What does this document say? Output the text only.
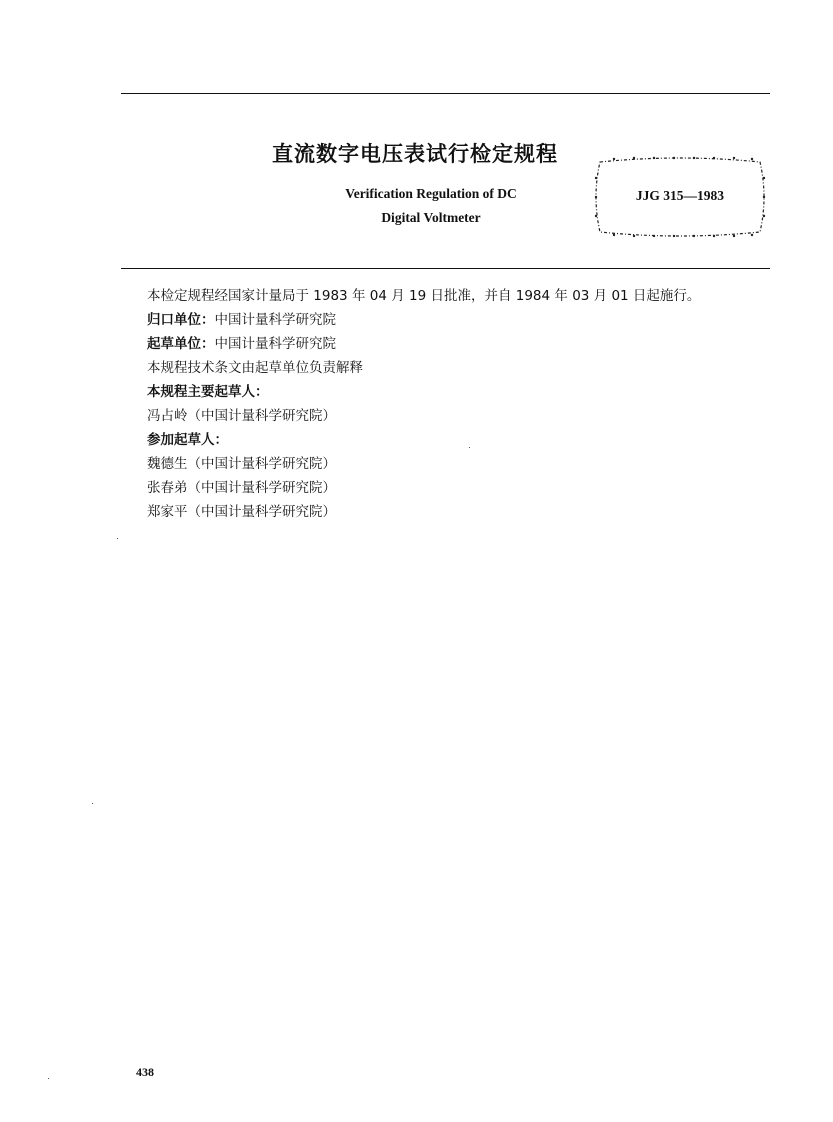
直流数字电压表试行检定规程
Verification Regulation of DC
Digital Voltmeter
JJG 315—1983
本检定规程经国家计量局于 1983 年 04 月 19 日批准，并自 1984 年 03 月 01 日起施行。
归口单位：中国计量科学研究院
起草单位：中国计量科学研究院
本规程技术条文由起草单位负责解释
本规程主要起草人：
冯占岭（中国计量科学研究院）
参加起草人：
魏德生（中国计量科学研究院）
张春弟（中国计量科学研究院）
郑家平（中国计量科学研究院）
438
